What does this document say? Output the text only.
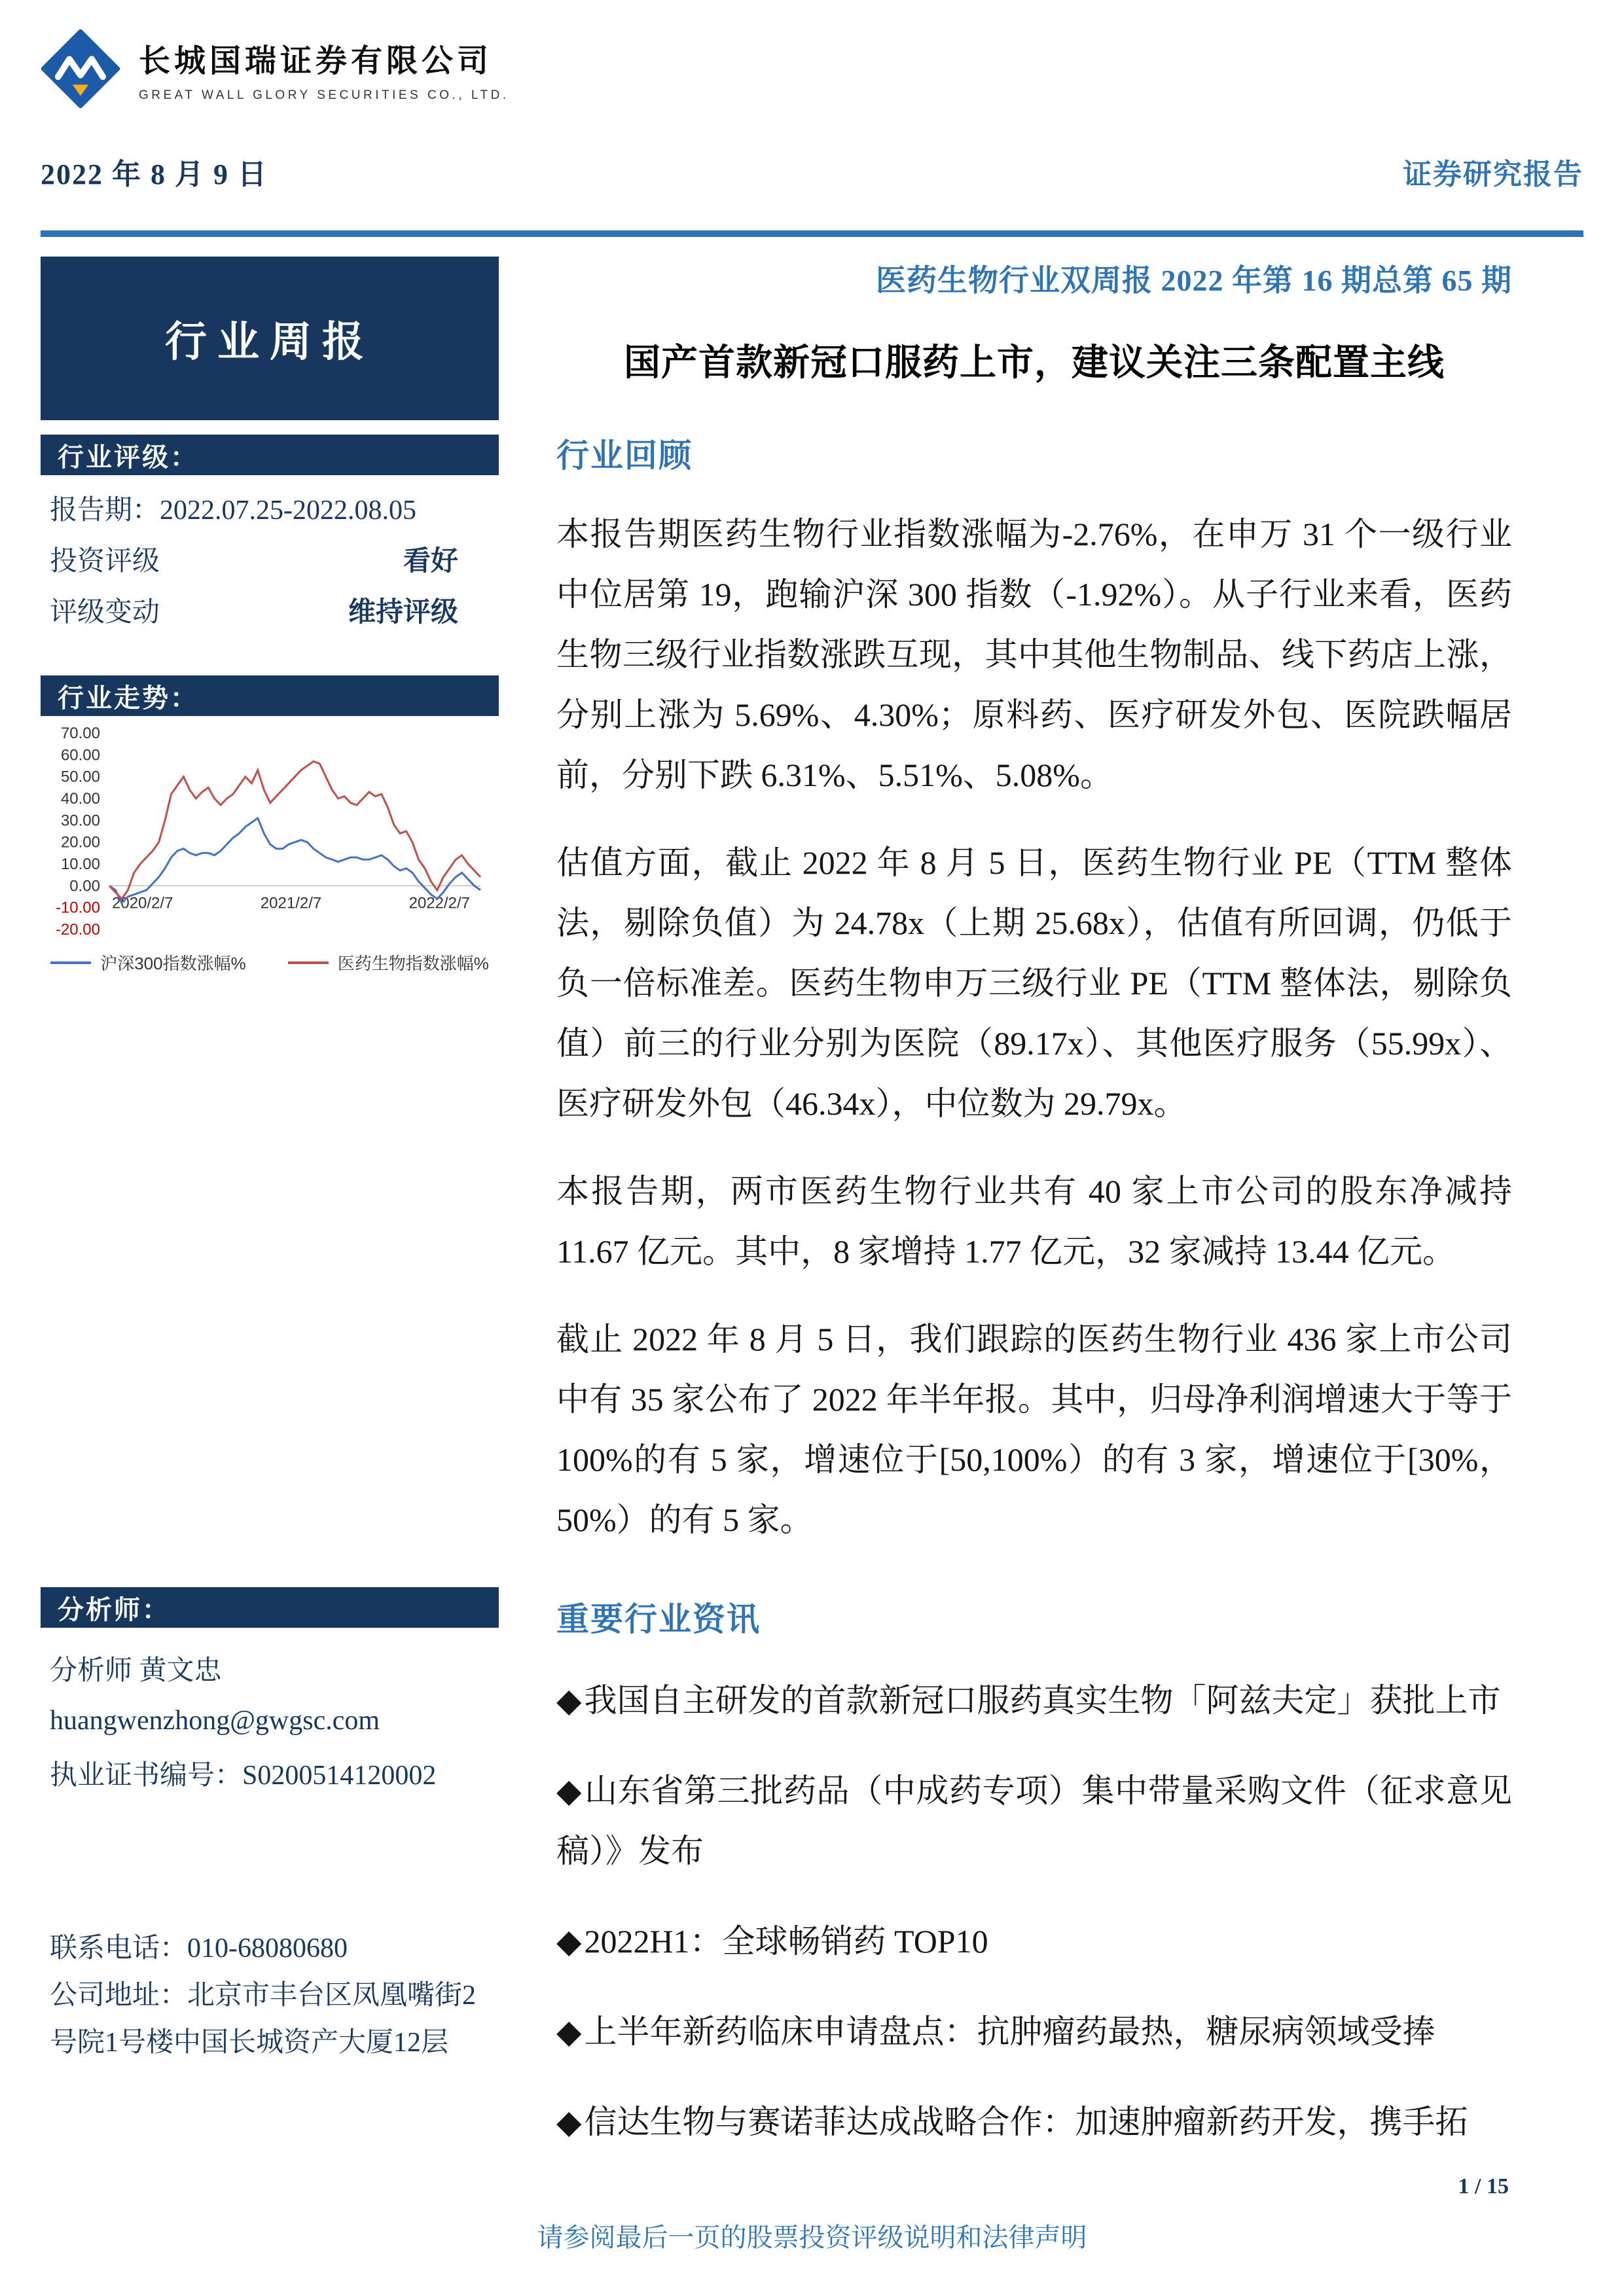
长城国瑞证券有限公司
GREAT WALL GLORY SECURITIES CO., LTD.
2022 年 8 月 9 日	证券研究报告
行业周报
行业评级：
报告期： 2022.07.25-2022.08.05
投资评级	看好
评级变动	维持评级
行业走势：
70.00
60.00
50.00
40.00
30.00
20.00
10.00
0.00
-10.00
-20.00
2020/2/7	2021/2/7	2022/2/7
沪深300指数涨幅%	医药生物指数涨幅%
分析师：
分析师 黄文忠
huangwenzhong@gwgsc.com
执业证书编号：S0200514120002

联系电话：010-68080680

公司地址：北京市丰台区凤凰嘴街2号院1号楼中国长城资产大厦12层

医药生物行业双周报 2022 年第 16 期总第 65 期
国产首款新冠口服药上市，建议关注三条配置主线
行业回顾

本报告期医药生物行业指数涨幅为-2.76%，在申万 31 个一级行业中位居第 19，跑输沪深 300 指数（-1.92%）。从子行业来看，医药生物三级行业指数涨跌互现，其中其他生物制品、线下药店上涨，分别上涨为 5.69%、4.30%；原料药、医疗研发外包、医院跌幅居前，分别下跌 6.31%、5.51%、5.08%。

估值方面，截止 2022 年 8 月 5 日，医药生物行业 PE（TTM 整体法，剔除负值）为 24.78x（上期 25.68x），估值有所回调，仍低于负一倍标准差。医药生物申万三级行业 PE（TTM 整体法，剔除负值）前三的行业分别为医院（89.17x）、其他医疗服务（55.99x）、医疗研发外包（46.34x），中位数为 29.79x。

本报告期，两市医药生物行业共有 40 家上市公司的股东净减持 11.67 亿元。其中，8 家增持 1.77 亿元，32 家减持 13.44 亿元。

截止 2022 年 8 月 5 日，我们跟踪的医药生物行业 436 家上市公司中有 35 家公布了 2022 年半年报。其中，归母净利润增速大于等于 100%的有 5 家，增速位于[50,100%）的有 3 家，增速位于[30%，50%）的有 5 家。

重要行业资讯

◆我国自主研发的首款新冠口服药真实生物「阿兹夫定」获批上市

◆山东省第三批药品（中成药专项）集中带量采购文件（征求意见稿）》发布

◆2022H1：全球畅销药 TOP10

◆上半年新药临床申请盘点：抗肿瘤药最热，糖尿病领域受捧

◆信达生物与赛诺菲达成战略合作：加速肿瘤新药开发，携手拓

1 / 15
请参阅最后一页的股票投资评级说明和法律声明
